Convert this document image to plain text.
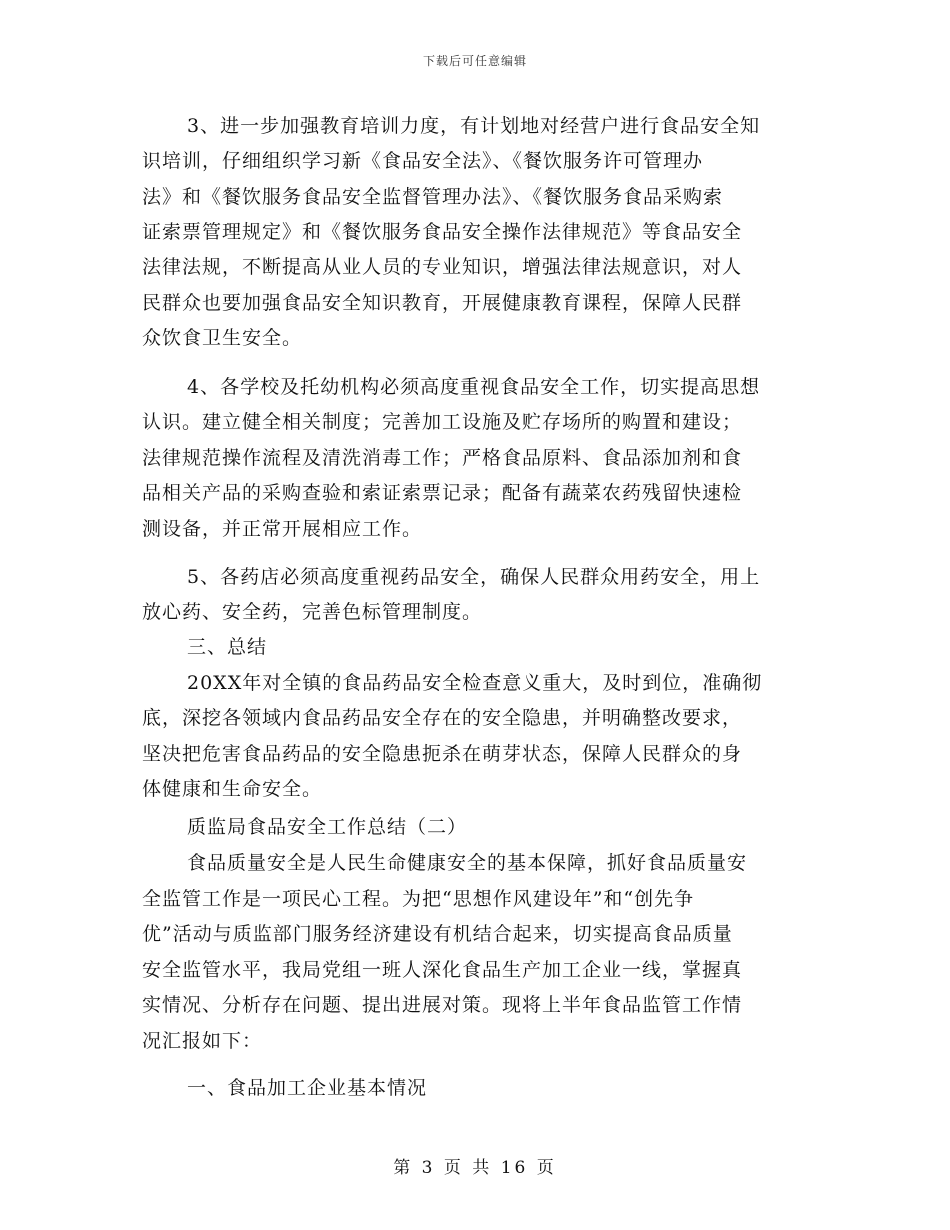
下载后可任意编辑
3、进一步加强教育培训力度，有计划地对经营户进行食品安全知
识培训，仔细组织学习新《食品安全法》、《餐饮服务许可管理办
法》和《餐饮服务食品安全监督管理办法》、《餐饮服务食品采购索
证索票管理规定》和《餐饮服务食品安全操作法律规范》等食品安全
法律法规，不断提高从业人员的专业知识，增强法律法规意识，对人
民群众也要加强食品安全知识教育，开展健康教育课程，保障人民群
众饮食卫生安全。
4、各学校及托幼机构必须高度重视食品安全工作，切实提高思想
认识。建立健全相关制度；完善加工设施及贮存场所的购置和建设；
法律规范操作流程及清洗消毒工作；严格食品原料、食品添加剂和食
品相关产品的采购查验和索证索票记录；配备有蔬菜农药残留快速检
测设备，并正常开展相应工作。
5、各药店必须高度重视药品安全，确保人民群众用药安全，用上
放心药、安全药，完善色标管理制度。
三、总结
20XX年对全镇的食品药品安全检查意义重大，及时到位，准确彻
底，深挖各领域内食品药品安全存在的安全隐患，并明确整改要求，
坚决把危害食品药品的安全隐患扼杀在萌芽状态，保障人民群众的身
体健康和生命安全。
质监局食品安全工作总结（二）
食品质量安全是人民生命健康安全的基本保障，抓好食品质量安
全监管工作是一项民心工程。为把“思想作风建设年”和“创先争
优”活动与质监部门服务经济建设有机结合起来，切实提高食品质量
安全监管水平，我局党组一班人深化食品生产加工企业一线，掌握真
实情况、分析存在问题、提出进展对策。现将上半年食品监管工作情
况汇报如下：
一、食品加工企业基本情况
第 3 页 共 16 页
